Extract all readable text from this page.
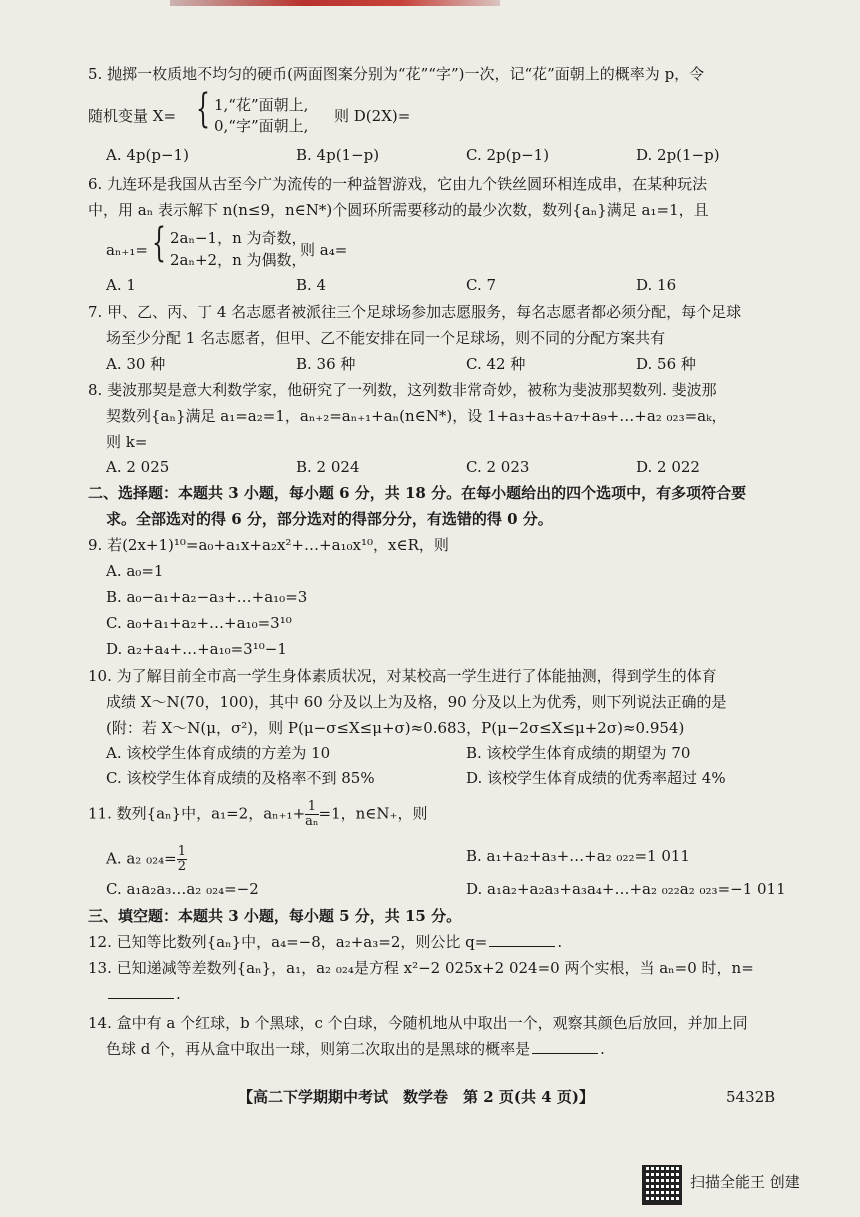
5. 抛掷一枚质地不均匀的硬币(两面图案分别为“花”“字”)一次，记“花”面朝上的概率为 p，令
随机变量 X= { 1,“花”面朝上,
0,“字”面朝上,
则 D(2X)=
A. 4p(p−1)	B. 4p(1−p)	C. 2p(p−1)	D. 2p(1−p)
6. 九连环是我国从古至今广为流传的一种益智游戏，它由九个铁丝圆环相连成串，在某种玩法
中，用 aₙ 表示解下 n(n≤9，n∈N*)个圆环所需要移动的最少次数，数列{aₙ}满足 a₁=1，且
aₙ₊₁= { 2aₙ−1，n 为奇数，
2aₙ+2，n 为偶数，
则 a₄=
A. 1	B. 4	C. 7	D. 16
7. 甲、乙、丙、丁 4 名志愿者被派往三个足球场参加志愿服务，每名志愿者都必须分配，每个足球
场至少分配 1 名志愿者，但甲、乙不能安排在同一个足球场，则不同的分配方案共有
A. 30 种	B. 36 种	C. 42 种	D. 56 种
8. 斐波那契是意大利数学家，他研究了一列数，这列数非常奇妙，被称为斐波那契数列. 斐波那
契数列{aₙ}满足 a₁=a₂=1，aₙ₊₂=aₙ₊₁+aₙ(n∈N*)，设 1+a₃+a₅+a₇+a₉+…+a₂ ₀₂₃=aₖ，
则 k=
A. 2 025	B. 2 024	C. 2 023	D. 2 022
二、选择题：本题共 3 小题，每小题 6 分，共 18 分。在每小题给出的四个选项中，有多项符合要
求。全部选对的得 6 分，部分选对的得部分分，有选错的得 0 分。
9. 若(2x+1)¹⁰=a₀+a₁x+a₂x²+…+a₁₀x¹⁰，x∈R，则
A. a₀=1
B. a₀−a₁+a₂−a₃+…+a₁₀=3
C. a₀+a₁+a₂+…+a₁₀=3¹⁰
D. a₂+a₄+…+a₁₀=3¹⁰−1
10. 为了解目前全市高一学生身体素质状况，对某校高一学生进行了体能抽测，得到学生的体育
成绩 X～N(70，100)，其中 60 分及以上为及格，90 分及以上为优秀，则下列说法正确的是
(附：若 X～N(μ，σ²)，则 P(μ−σ≤X≤μ+σ)≈0.683，P(μ−2σ≤X≤μ+2σ)≈0.954)
A. 该校学生体育成绩的方差为 10	B. 该校学生体育成绩的期望为 70
C. 该校学生体育成绩的及格率不到 85%	D. 该校学生体育成绩的优秀率超过 4%
11. 数列{aₙ}中，a₁=2，$a_{n+1}+ \frac{1}{\text{aₙ}} =1$，n∈N₊，则
A. a₂ $_{024}= \frac{1}{2}$	B. a₁+a₂+a₃+…+a₂ ₀₂₂=1 011
C. a₁a₂a₃…a₂ ₀₂₄=−2	D. a₁a₂+a₂a₃+a₃a₄+…+a₂ ₀₂₂a₂ ₀₂₃=−1 011
三、填空题：本题共 3 小题，每小题 5 分，共 15 分。
12. 已知等比数列{aₙ}中，a₄=−8，a₂+a₃=2，则公比 q=	.
13. 已知递减等差数列{aₙ}，a₁，a₂ ₀₂₄是方程 x²−2 025x+2 024=0 两个实根，当 aₙ=0 时，n=
.
14. 盒中有 a 个红球，b 个黑球，c 个白球，今随机地从中取出一个，观察其颜色后放回，并加上同
色球 d 个，再从盒中取出一球，则第二次取出的是黑球的概率是	.
【高二下学期期中考试　数学卷　第 2 页(共 4 页)】	5432B
扫描全能王 创建
